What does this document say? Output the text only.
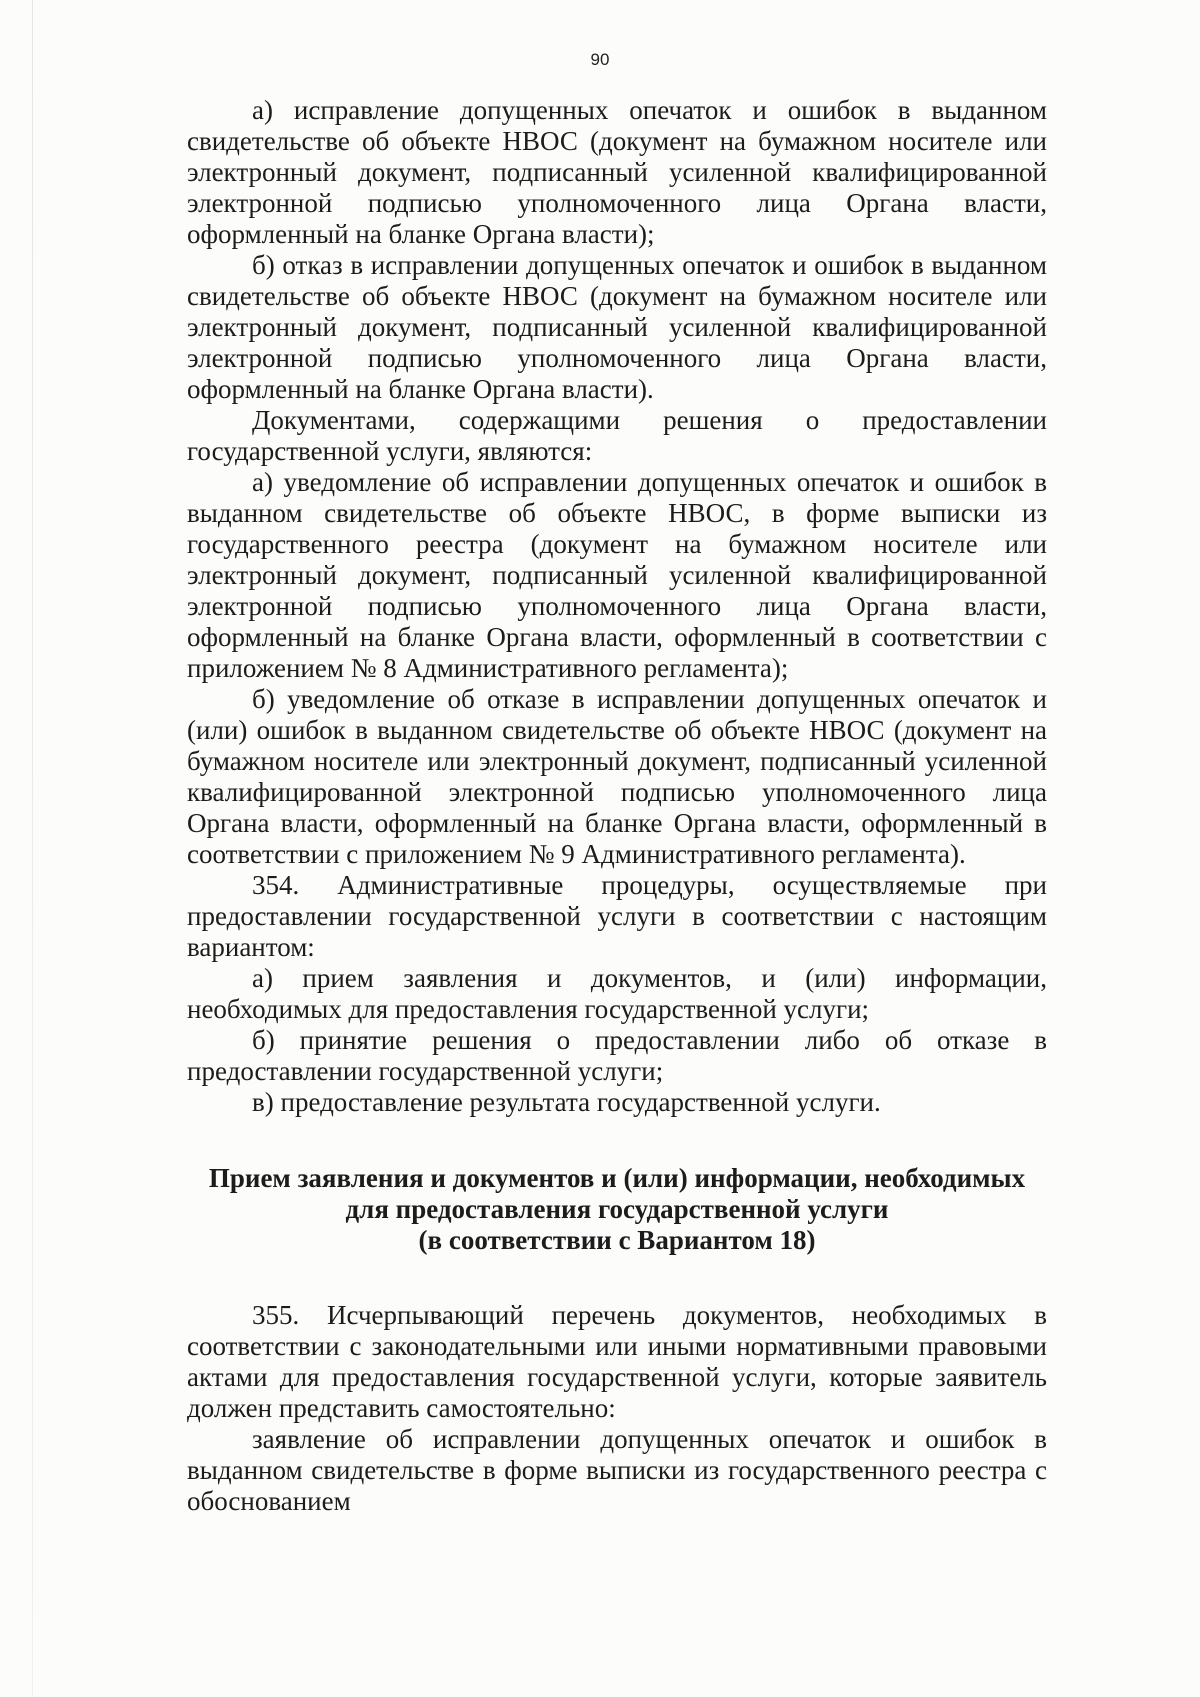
90

а) исправление допущенных опечаток и ошибок в выданном свидетельстве об объекте НВОС (документ на бумажном носителе или электронный документ, подписанный усиленной квалифицированной электронной подписью уполномоченного лица Органа власти, оформленный на бланке Органа власти);

б) отказ в исправлении допущенных опечаток и ошибок в выданном свидетельстве об объекте НВОС (документ на бумажном носителе или электронный документ, подписанный усиленной квалифицированной электронной подписью уполномоченного лица Органа власти, оформленный на бланке Органа власти).

Документами, содержащими решения о предоставлении государственной услуги, являются:

а) уведомление об исправлении допущенных опечаток и ошибок в выданном свидетельстве об объекте НВОС, в форме выписки из государственного реестра (документ на бумажном носителе или электронный документ, подписанный усиленной квалифицированной электронной подписью уполномоченного лица Органа власти, оформленный на бланке Органа власти, оформленный в соответствии с приложением № 8 Административного регламента);

б) уведомление об отказе в исправлении допущенных опечаток и (или) ошибок в выданном свидетельстве об объекте НВОС (документ на бумажном носителе или электронный документ, подписанный усиленной квалифицированной электронной подписью уполномоченного лица Органа власти, оформленный на бланке Органа власти, оформленный в соответствии с приложением № 9 Административного регламента).

354. Административные процедуры, осуществляемые при предоставлении государственной услуги в соответствии с настоящим вариантом:

а) прием заявления и документов, и (или) информации, необходимых для предоставления государственной услуги;

б) принятие решения о предоставлении либо об отказе в предоставлении государственной услуги;

в) предоставление результата государственной услуги.

Прием заявления и документов и (или) информации, необходимых
для предоставления государственной услуги
(в соответствии с Вариантом 18)

355. Исчерпывающий перечень документов, необходимых в соответствии с законодательными или иными нормативными правовыми актами для предоставления государственной услуги, которые заявитель должен представить самостоятельно:

заявление об исправлении допущенных опечаток и ошибок в выданном свидетельстве в форме выписки из государственного реестра с обоснованием
